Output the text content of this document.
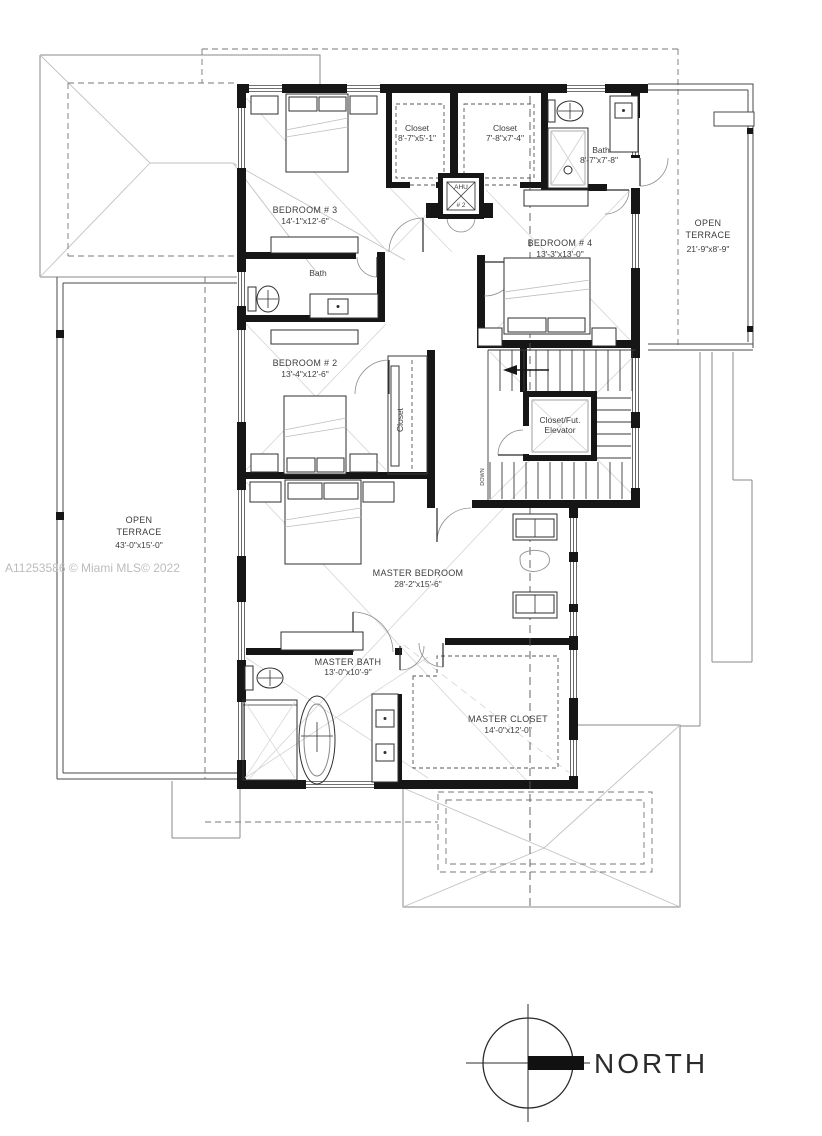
BEDROOM # 3
14'-1"x12'-6"
Closet
8'-7"x5'-1"
Closet
7'-8"x7'-4"
Bath
8'-7"x7'-8"
AHU
# 2
BEDROOM # 4
13'-3"x13'-0"
Bath
BEDROOM # 2
13'-4"x12'-6"
Closet	Closet/Fut.
Elevator
DOWN
OPEN
TERRACE
43'-0"x15'-0"
OPEN
TERRACE
21'-9"x8'-9"
MASTER BEDROOM
28'-2"x15'-6"
MASTER BATH
13'-0"x10'-9"
MASTER CLOSET
14'-0"x12'-0"
A11253586 © Miami MLS© 2022
NORTH
